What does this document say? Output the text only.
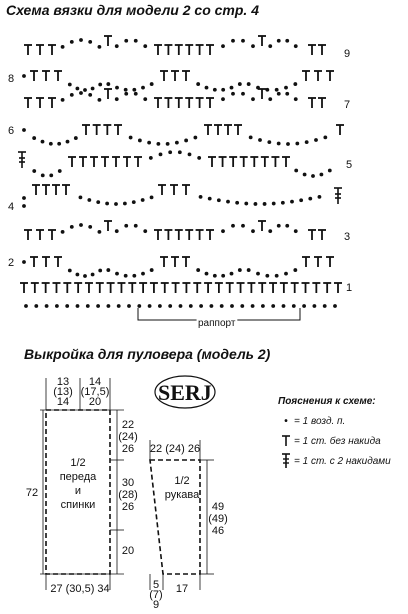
Схема вязки для модели 2 со стр. 4
8
6
4
2
9
7
5
3
1
раппорт
SERJ
1/2
переда
и
спинки
13
(13)
14
14
(17,5)
20
72
22
(24)
26
30
(28)
26
20
27 (30,5) 34
22 (24) 26
1/2
рукава
49
(49)
46
5
(7)
9
17
Выкройка для пуловера (модель 2)
Пояснения к схеме:
• = 1 возд. п.
= 1 ст. без накида
= 1 ст. с 2 накидами
